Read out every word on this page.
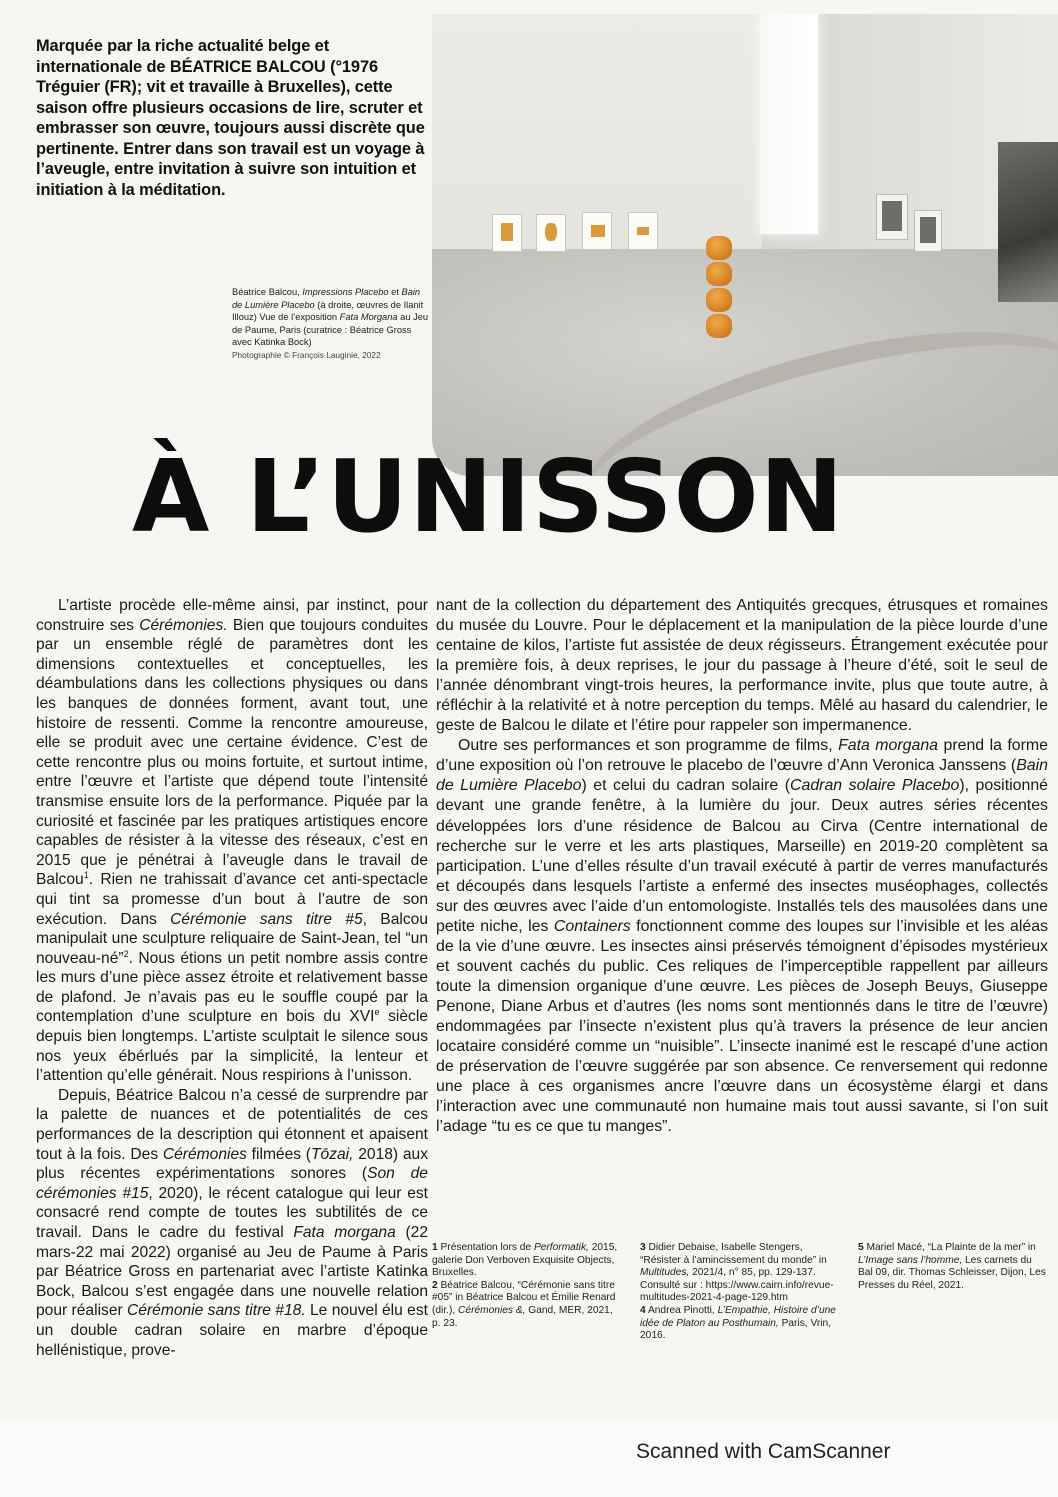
Marquée par la riche actualité belge et internationale de BÉATRICE BALCOU (°1976 Tréguier (FR); vit et travaille à Bruxelles), cette saison offre plusieurs occasions de lire, scruter et embrasser son œuvre, toujours aussi discrète que pertinente. Entrer dans son travail est un voyage à l’aveugle, entre invitation à suivre son intuition et initiation à la méditation.
Béatrice Balcou, Impressions Placebo et Bain de Lumière Placebo (à droite, œuvres de Ilanit Illouz) Vue de l’exposition Fata Morgana au Jeu de Paume, Paris (curatrice : Béatrice Gross avec Katinka Bock)
Photographie © François Lauginie, 2022
À L’UNISSON

L’artiste procède elle-même ainsi, par instinct, pour construire ses Cérémonies. Bien que toujours conduites par un ensemble réglé de paramètres dont les dimensions contextuelles et conceptuelles, les déambulations dans les collections physiques ou dans les banques de données forment, avant tout, une histoire de ressenti. Comme la rencontre amoureuse, elle se produit avec une certaine évidence. C’est de cette rencontre plus ou moins fortuite, et surtout intime, entre l’œuvre et l’artiste que dépend toute l’intensité transmise ensuite lors de la performance. Piquée par la curiosité et fascinée par les pratiques artistiques encore capables de résister à la vitesse des réseaux, c’est en 2015 que je pénétrai à l’aveugle dans le travail de Balcou$^1$. Rien ne trahissait d’avance cet anti-spectacle qui tint sa promesse d’un bout à l’autre de son exécution. Dans Cérémonie sans titre #5, Balcou manipulait une sculpture reliquaire de Saint-Jean, tel “un nouveau-né”$^2$. Nous étions un petit nombre assis contre les murs d’une pièce assez étroite et relativement basse de plafond. Je n’avais pas eu le souffle coupé par la contemplation d’une sculpture en bois du XVIe siècle depuis bien longtemps. L’artiste sculptait le silence sous nos yeux ébérlués par la simplicité, la lenteur et l’attention qu’elle générait. Nous respirions à l’unisson.

Depuis, Béatrice Balcou n’a cessé de surprendre par la palette de nuances et de potentialités de ces performances de la description qui étonnent et apaisent tout à la fois. Des Cérémonies filmées (Tōzai, 2018) aux plus récentes expérimentations sonores (Son de cérémonies #15, 2020), le récent catalogue qui leur est consacré rend compte de toutes les subtilités de ce travail. Dans le cadre du festival Fata morgana (22 mars-22 mai 2022) organisé au Jeu de Paume à Paris par Béatrice Gross en partenariat avec l’artiste Katinka Bock, Balcou s’est engagée dans une nouvelle relation pour réaliser Cérémonie sans titre #18. Le nouvel élu est un double cadran solaire en marbre d’époque hellénistique, prove-

nant de la collection du département des Antiquités grecques, étrusques et romaines du musée du Louvre. Pour le déplacement et la manipulation de la pièce lourde d’une centaine de kilos, l’artiste fut assistée de deux régisseurs. Étrangement exécutée pour la première fois, à deux reprises, le jour du passage à l’heure d’été, soit le seul de l’année dénombrant vingt-trois heures, la performance invite, plus que toute autre, à réfléchir à la relativité et à notre perception du temps. Mêlé au hasard du calendrier, le geste de Balcou le dilate et l’étire pour rappeler son impermanence.

Outre ses performances et son programme de films, Fata morgana prend la forme d’une exposition où l’on retrouve le placebo de l’œuvre d’Ann Veronica Janssens (Bain de Lumière Placebo) et celui du cadran solaire (Cadran solaire Placebo), positionné devant une grande fenêtre, à la lumière du jour. Deux autres séries récentes développées lors d’une résidence de Balcou au Cirva (Centre international de recherche sur le verre et les arts plastiques, Marseille) en 2019-20 complètent sa participation. L’une d’elles résulte d’un travail exécuté à partir de verres manufacturés et découpés dans lesquels l’artiste a enfermé des insectes muséophages, collectés sur des œuvres avec l’aide d’un entomologiste. Installés tels des mausolées dans une petite niche, les Containers fonctionnent comme des loupes sur l’invisible et les aléas de la vie d’une œuvre. Les insectes ainsi préservés témoignent d’épisodes mystérieux et souvent cachés du public. Ces reliques de l’imperceptible rappellent par ailleurs toute la dimension organique d’une œuvre. Les pièces de Joseph Beuys, Giuseppe Penone, Diane Arbus et d’autres (les noms sont mentionnés dans le titre de l’œuvre) endommagées par l’insecte n’existent plus qu’à travers la présence de leur ancien locataire considéré comme un “nuisible”. L’insecte inanimé est le rescapé d’une action de préservation de l’œuvre suggérée par son absence. Ce renversement qui redonne une place à ces organismes ancre l’œuvre dans un écosystème élargi et dans l’interaction avec une communauté non humaine mais tout aussi savante, si l’on suit l’adage “tu es ce que tu manges”.

1 Présentation lors de Performatik, 2015, galerie Don Verboven Exquisite Objects, Bruxelles.

2 Béatrice Balcou, “Cérémonie sans titre #05” in Béatrice Balcou et Émilie Renard (dir.), Cérémonies &, Gand, MER, 2021, p. 23.

3 Didier Debaise, Isabelle Stengers, “Résister à l’amincissement du monde” in Multitudes, 2021/4, n° 85, pp. 129-137. Consulté sur : https://www.cairn.info/revue-multitudes-2021-4-page-129.htm

4 Andrea Pinotti, L’Empathie, Histoire d’une idée de Platon au Posthumain, Paris, Vrin, 2016.

5 Mariel Macé, “La Plainte de la mer” in L’Image sans l’homme, Les carnets du Bal 09, dir. Thomas Schleisser, Dijon, Les Presses du Réel, 2021.

Scanned with CamScanner
